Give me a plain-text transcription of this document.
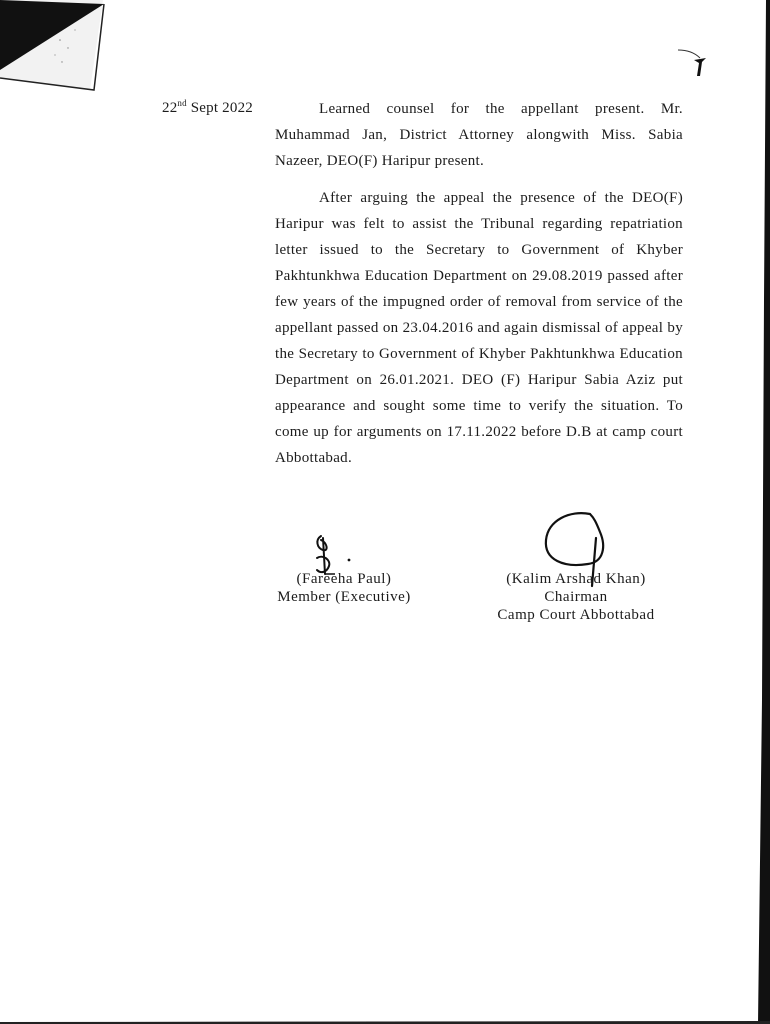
22nd Sept 2022	Learned counsel for the appellant present. Mr. Muhammad Jan, District Attorney alongwith Miss. Sabia Nazeer, DEO(F) Haripur present.

After arguing the appeal the presence of the DEO(F) Haripur was felt to assist the Tribunal regarding repatriation letter issued to the Secretary to Government of Khyber Pakhtunkhwa Education Department on 29.08.2019 passed after few years of the impugned order of removal from service of the appellant passed on 23.04.2016 and again dismissal of appeal by the Secretary to Government of Khyber Pakhtunkhwa Education Department on 26.01.2021. DEO (F) Haripur Sabia Aziz put appearance and sought some time to verify the situation. To come up for arguments on 17.11.2022 before D.B at camp court Abbottabad.

(Fareeha Paul)
Member (Executive)
(Kalim Arshad Khan)
Chairman
Camp Court Abbottabad
